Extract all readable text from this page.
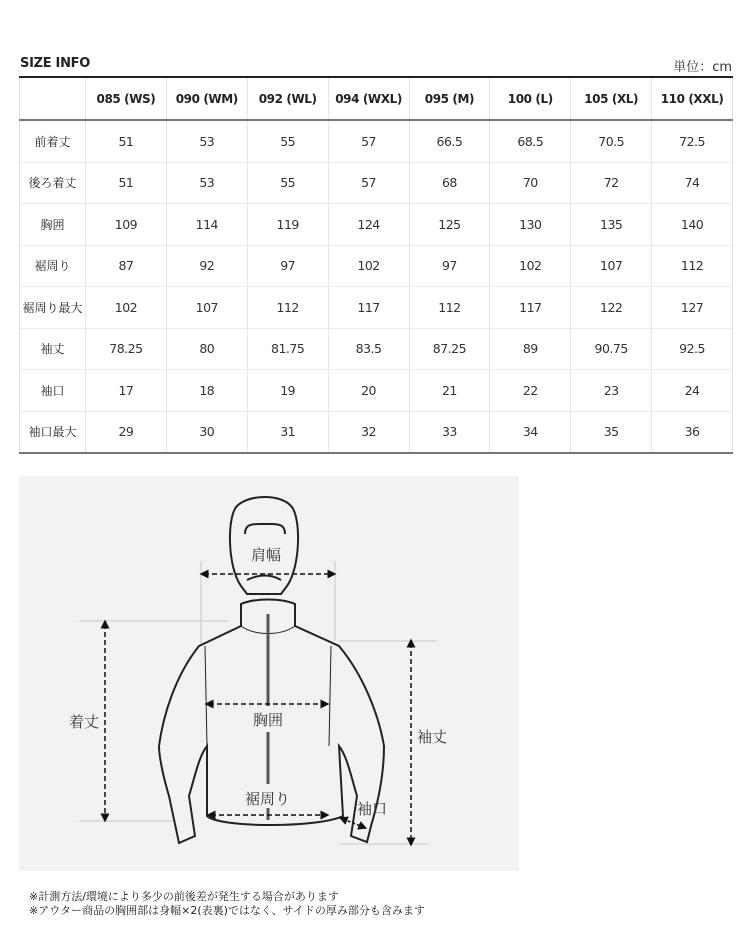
SIZE INFO	単位：cm
	085 (WS)	090 (WM)	092 (WL)	094 (WXL)	095 (M)	100 (L)	105 (XL)	110 (XXL)
前着丈	51	53	55	57	66.5	68.5	70.5	72.5
後ろ着丈	51	53	55	57	68	70	72	74
胸囲	109	114	119	124	125	130	135	140
裾周り	87	92	97	102	97	102	107	112
裾周り最大	102	107	112	117	112	117	122	127
袖丈	78.25	80	81.75	83.5	87.25	89	90.75	92.5
袖口	17	18	19	20	21	22	23	24
袖口最大	29	30	31	32	33	34	35	36
肩幅
着丈	胸囲
裾周り
袖丈
袖口
※計測方法/環境により多少の前後差が発生する場合があります
※アウター商品の胸囲部は身幅×2(表裏)ではなく、サイドの厚み部分も含みます
